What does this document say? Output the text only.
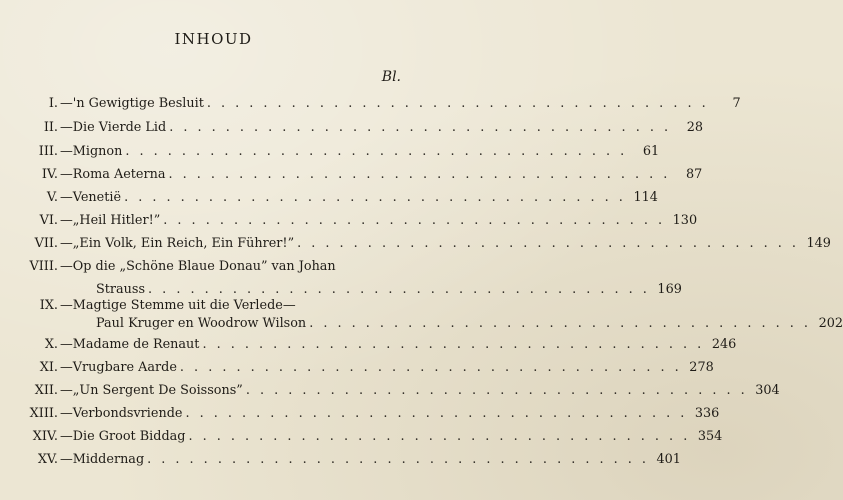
INHOUD
Bl.
I. —'n Gewigtige Besluit . . . . . . . . . . . . . . . . . . . . . . . . . . . . . . . . . . . .	7
II. —Die Vierde Lid . . . . . . . . . . . . . . . . . . . . . . . . . . . . . . . . . . . .	28
III. —Mignon . . . . . . . . . . . . . . . . . . . . . . . . . . . . . . . . . . . .	61
IV. —Roma Aeterna . . . . . . . . . . . . . . . . . . . . . . . . . . . . . . . . . . . .	87
V. —Venetië . . . . . . . . . . . . . . . . . . . . . . . . . . . . . . . . . . . . 114
VI. —„Heil Hitler!” . . . . . . . . . . . . . . . . . . . . . . . . . . . . . . . . . . . . 130
VII. —„Ein Volk, Ein Reich, Ein Führer!” . . . . . . . . . . . . . . . . . . . . . . . . . . . . . . . . . . . . 149
VIII. —Op die „Schöne Blaue Donau” van Johan
Strauss . . . . . . . . . . . . . . . . . . . . . . . . . . . . . . . . . . . . 169
IX. —Magtige Stemme uit die Verlede—
Paul Kruger en Woodrow Wilson . . . . . . . . . . . . . . . . . . . . . . . . . . . . . . . . . . . . 202
X. —Madame de Renaut . . . . . . . . . . . . . . . . . . . . . . . . . . . . . . . . . . . . 246
XI. —Vrugbare Aarde . . . . . . . . . . . . . . . . . . . . . . . . . . . . . . . . . . . . 278
XII. —„Un Sergent De Soissons” . . . . . . . . . . . . . . . . . . . . . . . . . . . . . . . . . . . . 304
XIII. —Verbondsvriende . . . . . . . . . . . . . . . . . . . . . . . . . . . . . . . . . . . . 336
XIV. —Die Groot Biddag . . . . . . . . . . . . . . . . . . . . . . . . . . . . . . . . . . . . 354
XV. —Middernag . . . . . . . . . . . . . . . . . . . . . . . . . . . . . . . . . . . . 401
